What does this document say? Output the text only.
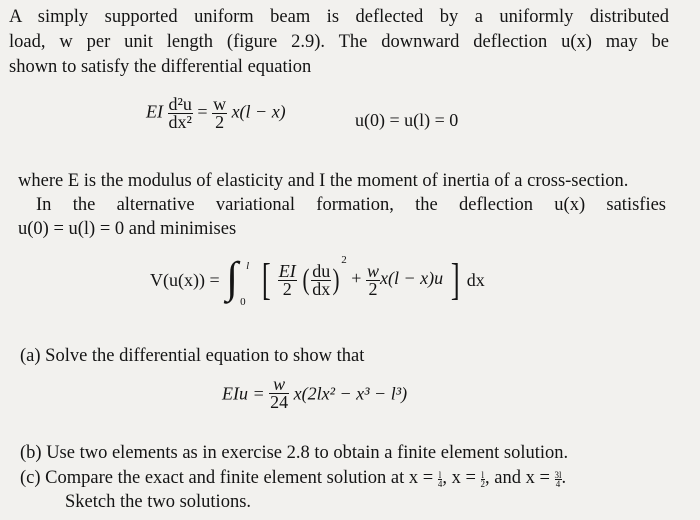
A simply supported uniform beam is deflected by a uniformly distributed
load, w per unit length (figure 2.9). The downward deflection u(x) may be
shown to satisfy the differential equation
EI $\frac{\text{d²u}}{\text{dx²}} = \frac{w}{2} x(l - x)$	u(0) = u(l) = 0
where E is the modulus of elasticity and I the moment of inertia of a cross-section.
In the alternative variational formation, the deflection u(x) satisfies
u(0) = u(l) = 0 and minimises
V(u(x)) = ∫ l
0 [ $\frac{EI}{2}$ ( $\frac{du}{dx} )^2 + \frac{w}{2} x(l - x)u$ ] dx
(a) Solve the differential equation to show that
EIu = $\frac{w}{24} x(2lx^2 - x^3 - l^3)$
(b) Use two elements as in exercise 2.8 to obtain a finite element solution.
(c) Compare the exact and finite element solution at $x = \frac{l}{4}$ , $x = \frac{l}{2}$ , and $x = \frac{3l}{4}$ .
Sketch the two solutions.
